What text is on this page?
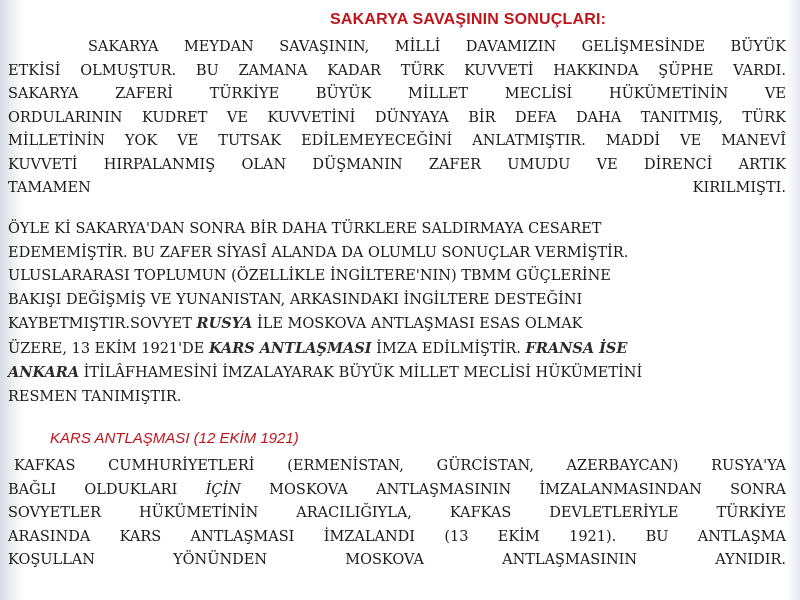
SAKARYA SAVAŞININ SONUÇLARI:
SAKARYA MEYDAN SAVAŞININ, MİLLİ DAVAMIZIN GELİŞMESİNDE BÜYÜK
ETKİSİ OLMUŞTUR. BU ZAMANA KADAR TÜRK KUVVETİ HAKKINDA ŞÜPHE VARDI.
SAKARYA ZAFERİ TÜRKİYE BÜYÜK MİLLET MECLİSİ HÜKÜMETİNİN VE
ORDULARININ KUDRET VE KUVVETİNİ DÜNYAYA BİR DEFA DAHA TANITMIŞ, TÜRK
MİLLETİNİN YOK VE TUTSAK EDİLEMEYECEĞİNİ ANLATMIŞTIR. MADDİ VE MANEVÎ
KUVVETİ HIRPALANMIŞ OLAN DÜŞMANIN ZAFER UMUDU VE DİRENCİ ARTIK
TAMAMEN KIRILMIŞTI.
ÖYLE Kİ SAKARYA'DAN SONRA BİR DAHA TÜRKLERE SALDIRMAYA CESARET
EDEMEMİŞTİR. BU ZAFER SİYASÎ ALANDA DA OLUMLU SONUÇLAR VERMİŞTİR.
ULUSLARARASI TOPLUMUN (ÖZELLİKLE İNGİLTERE'NIN) TBMM GÜÇLERİNE
BAKIŞI DEĞİŞMİŞ VE YUNANISTAN, ARKASINDAKI İNGİLTERE DESTEĞİNI
KAYBETMIŞTIR.SOVYET RUSYA İLE MOSKOVA ANTLAŞMASI ESAS OLMAK
ÜZERE, 13 EKİM 1921'DE KARS ANTLAŞMASI İMZA EDİLMİŞTİR. FRANSA İSE
ANKARA İTİLÂFHAMESİNİ İMZALAYARAK BÜYÜK MİLLET MECLİSİ HÜKÜMETİNİ
RESMEN TANIMIŞTIR.
KARS ANTLAŞMASI (12 EKİM 1921)
KAFKAS CUMHURİYETLERİ (ERMENİSTAN, GÜRCİSTAN, AZERBAYCAN) RUSYA'YA
BAĞLI OLDUKLARI İÇİN MOSKOVA ANTLAŞMASININ İMZALANMASINDAN SONRA
SOVYETLER HÜKÜMETİNİN ARACILIĞIYLA, KAFKAS DEVLETLERİYLE TÜRKİYE
ARASINDA KARS ANTLAŞMASI İMZALANDI (13 EKİM 1921). BU ANTLAŞMA
KOŞULLAN YÖNÜNDEN MOSKOVA ANTLAŞMASININ AYNIDIR.
